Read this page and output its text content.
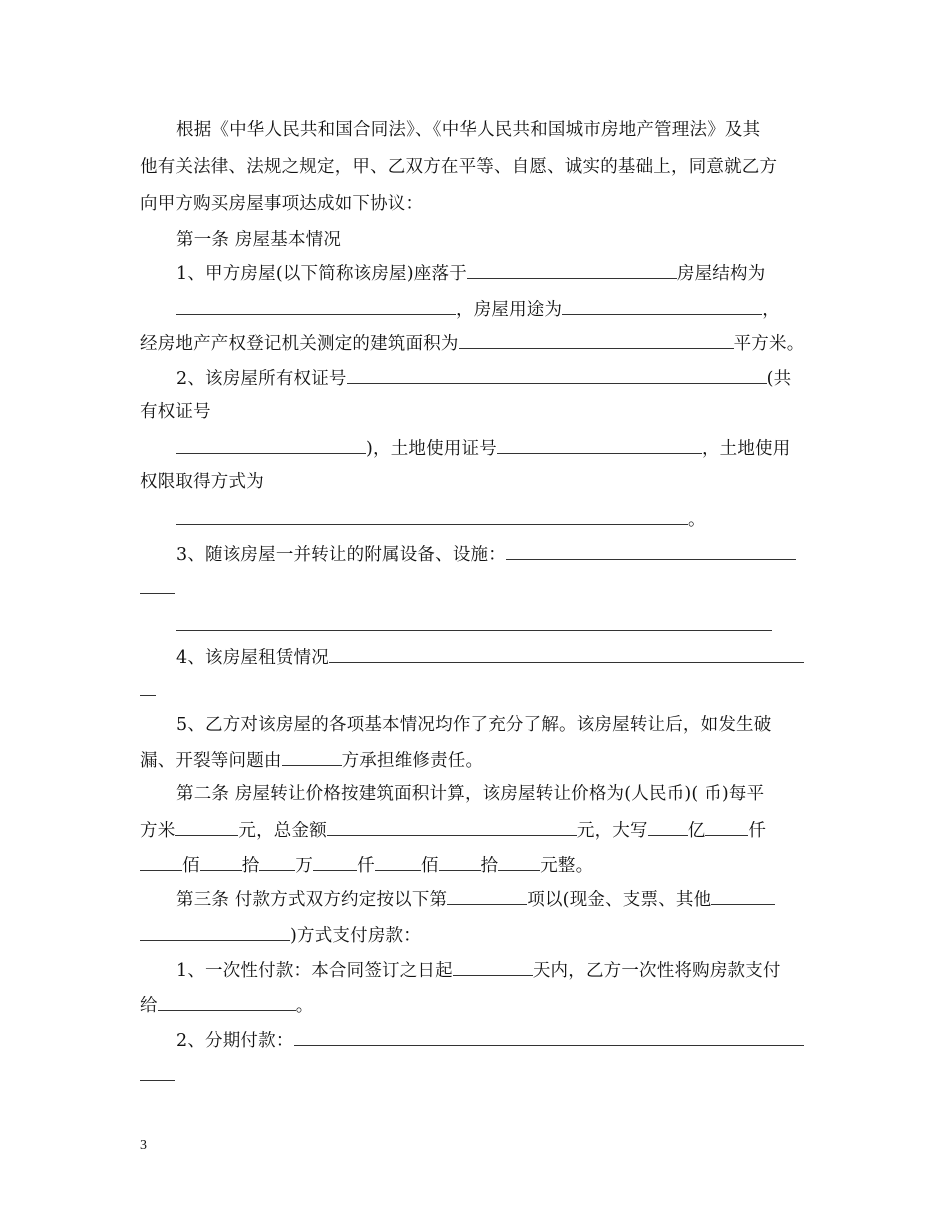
根据《中华人民共和国合同法》、《中华人民共和国城市房地产管理法》及其
他有关法律、法规之规定，甲、乙双方在平等、自愿、诚实的基础上，同意就乙方
向甲方购买房屋事项达成如下协议：
第一条 房屋基本情况
1、甲方房屋(以下简称该房屋)座落于	房屋结构为
，房屋用途为	，
经房地产产权登记机关测定的建筑面积为	平方米。
2、该房屋所有权证号	(共
有权证号
)，土地使用证号	，土地使用
权限取得方式为
。
3、随该房屋一并转让的附属设备、设施：
4、该房屋租赁情况
5、乙方对该房屋的各项基本情况均作了充分了解。该房屋转让后，如发生破
漏、开裂等问题由	方承担维修责任。
第二条 房屋转让价格按建筑面积计算，该房屋转让价格为(人民币)( 币)每平
方米	元，总金额	元，大写 亿 仟
佰 拾 万	仟	佰 拾 元整。
第三条 付款方式双方约定按以下第	项以(现金、支票、其他
)方式支付房款：
1、一次性付款：本合同签订之日起	天内，乙方一次性将购房款支付
给	。
2、分期付款：
3
